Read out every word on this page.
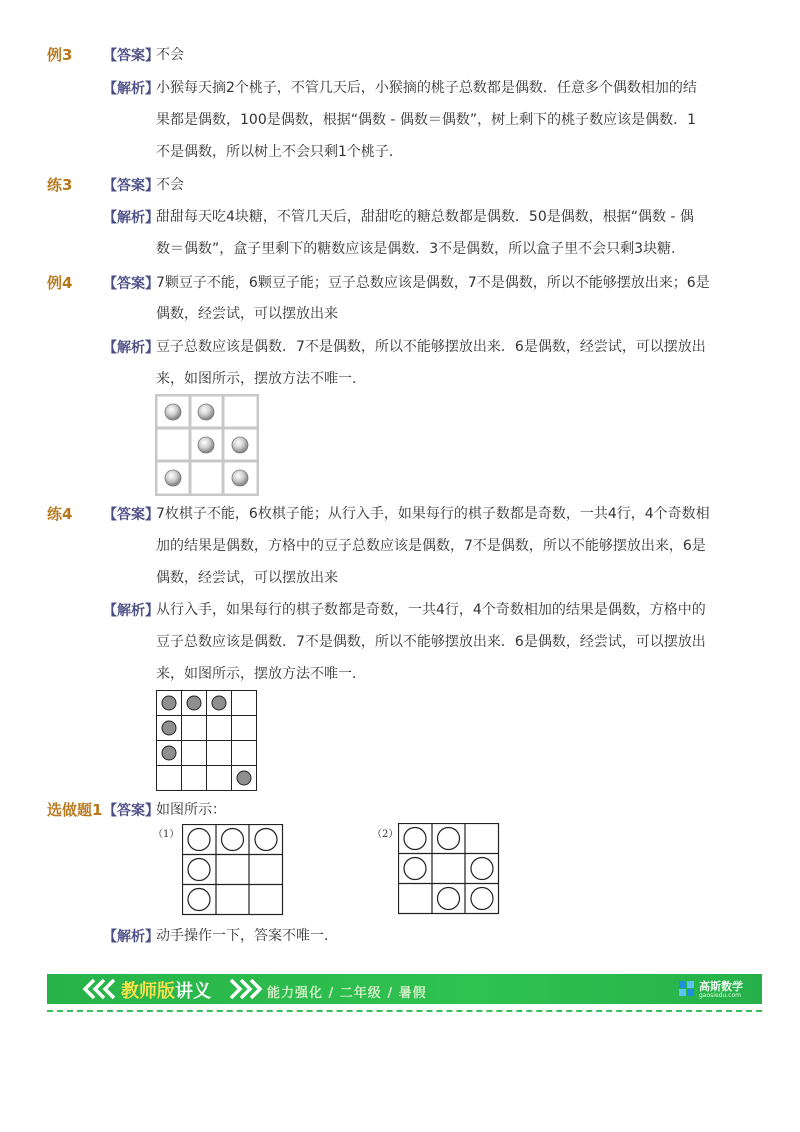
例3 【答案】
不会
【解析】
小猴每天摘2个桃子，不管几天后，小猴摘的桃子总数都是偶数．任意多个偶数相加的结
果都是偶数，100是偶数，根据“偶数 - 偶数＝偶数”，树上剩下的桃子数应该是偶数．1
不是偶数，所以树上不会只剩1个桃子．
练3 【答案】
不会
【解析】
甜甜每天吃4块糖，不管几天后，甜甜吃的糖总数都是偶数．50是偶数，根据“偶数 - 偶
数＝偶数”，盒子里剩下的糖数应该是偶数．3不是偶数，所以盒子里不会只剩3块糖．
例4 【答案】
7颗豆子不能，6颗豆子能；豆子总数应该是偶数，7不是偶数，所以不能够摆放出来；6是
偶数，经尝试，可以摆放出来
【解析】
豆子总数应该是偶数．7不是偶数，所以不能够摆放出来．6是偶数，经尝试，可以摆放出
来，如图所示，摆放方法不唯一．
练4 【答案】
7枚棋子不能，6枚棋子能；从行入手，如果每行的棋子数都是奇数，一共4行，4个奇数相
加的结果是偶数，方格中的豆子总数应该是偶数，7不是偶数，所以不能够摆放出来，6是
偶数，经尝试，可以摆放出来
【解析】
从行入手，如果每行的棋子数都是奇数，一共4行，4个奇数相加的结果是偶数，方格中的
豆子总数应该是偶数．7不是偶数，所以不能够摆放出来．6是偶数，经尝试，可以摆放出
来，如图所示，摆放方法不唯一．
选做题1 【答案】
如图所示：
（1）	（2）
【解析】
动手操作一下，答案不唯一．
教师版讲义	能力强化 / 二年级 / 暑假	高斯数学
gaosiedu.com
